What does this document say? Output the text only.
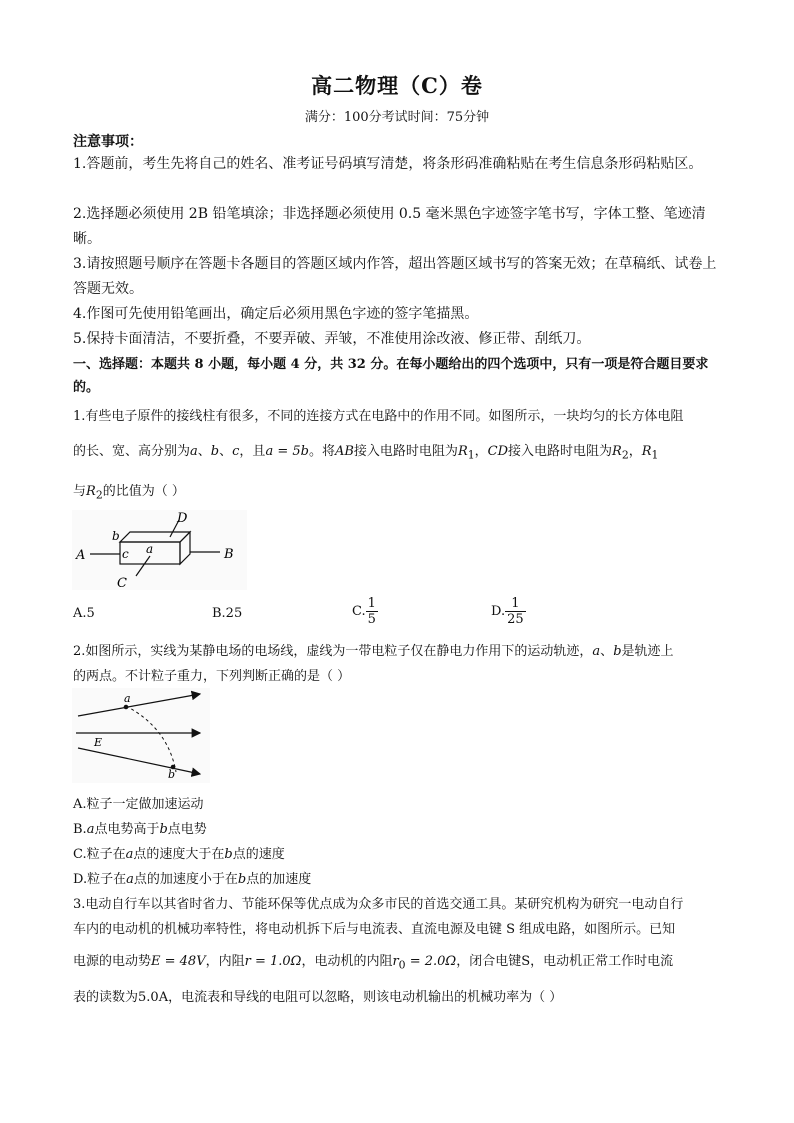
高二物理（C）卷
满分：100分考试时间：75分钟
注意事项：
1.答题前，考生先将自己的姓名、准考证号码填写清楚，将条形码准确粘贴在考生信息条形码粘贴区。
2.选择题必须使用 2B 铅笔填涂；非选择题必须使用 0.5 毫米黑色字迹签字笔书写，字体工整、笔迹清晰。
3.请按照题号顺序在答题卡各题目的答题区域内作答，超出答题区域书写的答案无效；在草稿纸、试卷上答题无效。
4.作图可先使用铅笔画出，确定后必须用黑色字迹的签字笔描黑。
5.保持卡面清洁，不要折叠，不要弄破、弄皱，不准使用涂改液、修正带、刮纸刀。
一、选择题：本题共 8 小题，每小题 4 分，共 32 分。在每小题给出的四个选项中，只有一项是符合题目要求的。
1.有些电子原件的接线柱有很多，不同的连接方式在电路中的作用不同。如图所示，一块均匀的长方体电阻
的长、宽、高分别为a、b、c，且a = 5b。将AB接入电路时电阻为$R_1$，CD接入电路时电阻为$R_2$，$R_1$
与$R_2$的比值为（ ）
A	B
C
D
a
b
c
A.5	B.25	C. $\frac{1}{5}$	D. $\frac{1}{25}$
2.如图所示，实线为某静电场的电场线，虚线为一带电粒子仅在静电力作用下的运动轨迹，a、b是轨迹上
的两点。不计粒子重力，下列判断正确的是（ ）
a
b
E
A.粒子一定做加速运动
B.a点电势高于b点电势
C.粒子在a点的速度大于在b点的速度
D.粒子在a点的加速度小于在b点的加速度
3.电动自行车以其省时省力、节能环保等优点成为众多市民的首选交通工具。某研究机构为研究一电动自行
车内的电动机的机械功率特性，将电动机拆下后与电流表、直流电源及电键 S 组成电路，如图所示。已知
电源的电动势E = 48V，内阻r = 1.0Ω，电动机的内阻$r_0 = 2.0\Omega$，闭合电键S，电动机正常工作时电流
表的读数为5.0A，电流表和导线的电阻可以忽略，则该电动机输出的机械功率为（ ）
